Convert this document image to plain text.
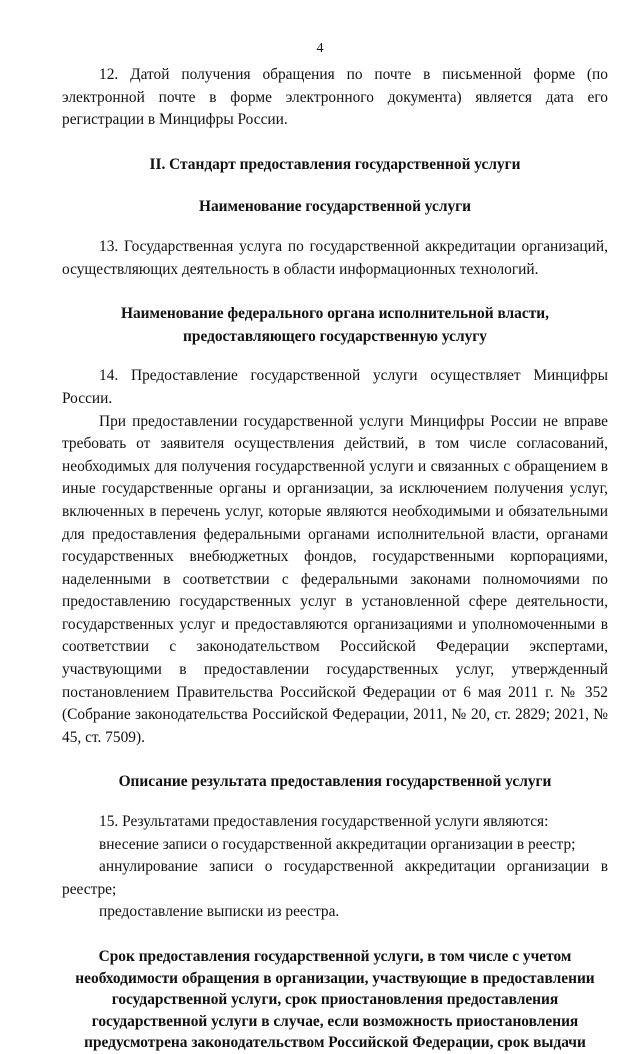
4

12. Датой получения обращения по почте в письменной форме (по электронной почте в форме электронного документа) является дата его регистрации в Минцифры России.

II. Стандарт предоставления государственной услуги

Наименование государственной услуги

13. Государственная услуга по государственной аккредитации организаций, осуществляющих деятельность в области информационных технологий.

Наименование федерального органа исполнительной власти,
предоставляющего государственную услугу

14. Предоставление государственной услуги осуществляет Минцифры России.

При предоставлении государственной услуги Минцифры России не вправе требовать от заявителя осуществления действий, в том числе согласований, необходимых для получения государственной услуги и связанных с обращением в иные государственные органы и организации, за исключением получения услуг, включенных в перечень услуг, которые являются необходимыми и обязательными для предоставления федеральными органами исполнительной власти, органами государственных внебюджетных фондов, государственными корпорациями, наделенными в соответствии с федеральными законами полномочиями по предоставлению государственных услуг в установленной сфере деятельности, государственных услуг и предоставляются организациями и уполномоченными в соответствии с законодательством Российской Федерации экспертами, участвующими в предоставлении государственных услуг, утвержденный постановлением Правительства Российской Федерации от 6 мая 2011 г. № 352 (Собрание законодательства Российской Федерации, 2011, № 20, ст. 2829; 2021, № 45, ст. 7509).

Описание результата предоставления государственной услуги

15. Результатами предоставления государственной услуги являются:

внесение записи о государственной аккредитации организации в реестр;

аннулирование записи о государственной аккредитации организации в реестре;

предоставление выписки из реестра.

Срок предоставления государственной услуги, в том числе с учетом
необходимости обращения в организации, участвующие в предоставлении
государственной услуги, срок приостановления предоставления
государственной услуги в случае, если возможность приостановления
предусмотрена законодательством Российской Федерации, срок выдачи
